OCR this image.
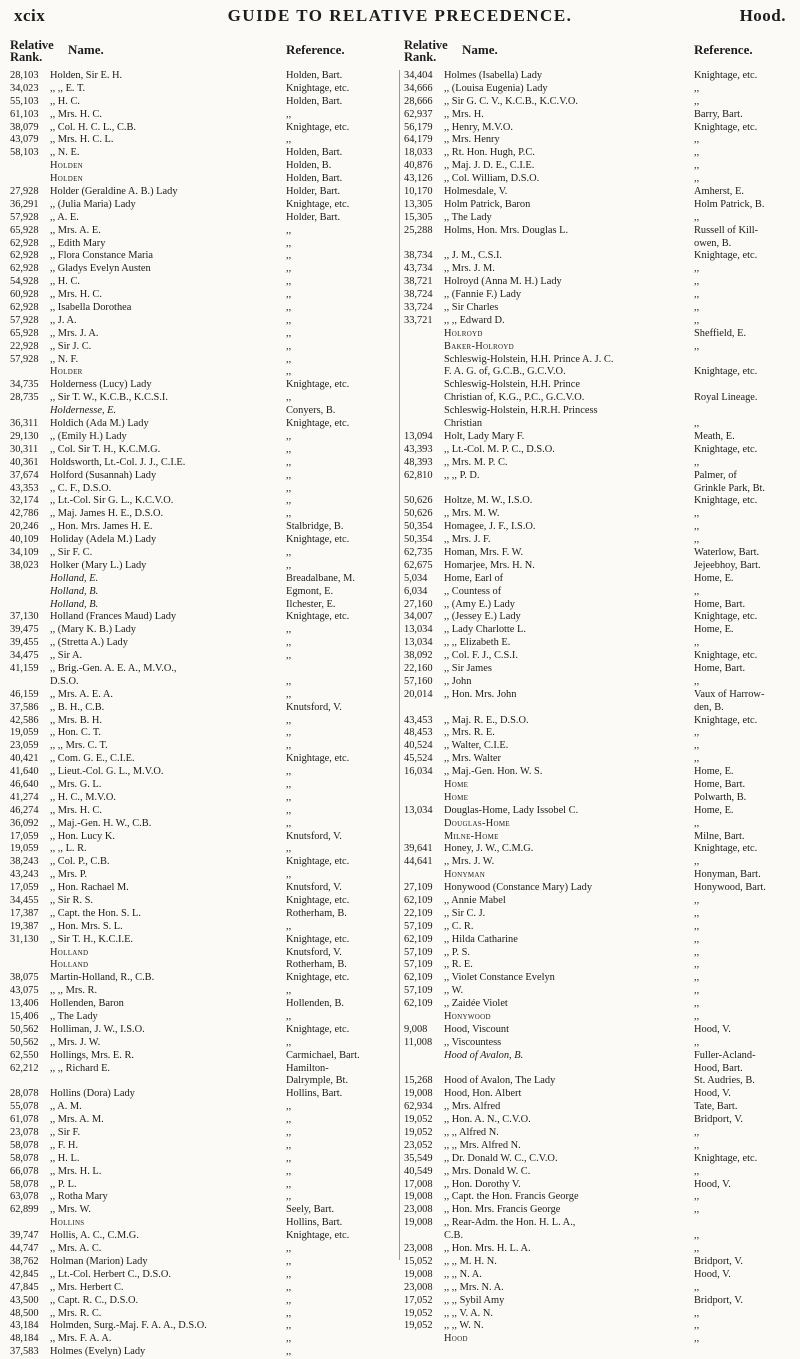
xcix	GUIDE TO RELATIVE PRECEDENCE.	Hood.
Relative Rank.	Name.	Reference.
28,103	Holden, Sir E. H.	Holden, Bart.
34,023	,, ,, E. T.	Knightage, etc.
55,103	,, H. C.	Holden, Bart.
61,103	,, Mrs. H. C.	,,
38,079	,, Col. H. C. L., C.B.	Knightage, etc.
43,079	,, Mrs. H. C. L.	,,
58,103	,, N. E.	Holden, Bart.
Holden	Holden, B.
Holden	Holden, Bart.
27,928	Holder (Geraldine A. B.) Lady	Holder, Bart.
36,291	,, (Julia Maria) Lady	Knightage, etc.
57,928	,, A. E.	Holder, Bart.
65,928	,, Mrs. A. E.	,,
62,928	,, Edith Mary	,,
62,928	,, Flora Constance Maria	,,
62,928	,, Gladys Evelyn Austen	,,
54,928	,, H. C.	,,
60,928	,, Mrs. H. C.	,,
62,928	,, Isabella Dorothea	,,
57,928	,, J. A.	,,
65,928	,, Mrs. J. A.	,,
22,928	,, Sir J. C.	,,
57,928	,, N. F.	,,
Holder	,,
34,735	Holderness (Lucy) Lady	Knightage, etc.
28,735	,, Sir T. W., K.C.B., K.C.S.I.	,,
Holdernesse, E.	Conyers, B.
36,311	Holdich (Ada M.) Lady	Knightage, etc.
29,130	,, (Emily H.) Lady	,,
30,311	,, Col. Sir T. H., K.C.M.G.	,,
40,361	Holdsworth, Lt.-Col. J. J., C.I.E.	,,
37,674	Holford (Susannah) Lady	,,
43,353	,, C. F., D.S.O.	,,
32,174	,, Lt.-Col. Sir G. L., K.C.V.O.	,,
42,786	,, Maj. James H. E., D.S.O.	,,
20,246	,, Hon. Mrs. James H. E.	Stalbridge, B.
40,109	Holiday (Adela M.) Lady	Knightage, etc.
34,109	,, Sir F. C.	,,
38,023	Holker (Mary L.) Lady	,,
Holland, E.	Breadalbane, M.
Holland, B.	Egmont, E.
Holland, B.	Ilchester, E.
37,130	Holland (Frances Maud) Lady	Knightage, etc.
39,475	,, (Mary K. B.) Lady	,,
39,455	,, (Stretta A.) Lady	,,
34,475	,, Sir A.	,,
41,159	,, Brig.-Gen. A. E. A., M.V.O.,
D.S.O.	,,
46,159	,, Mrs. A. E. A.	,,
37,586	,, B. H., C.B.	Knutsford, V.
42,586	,, Mrs. B. H.	,,
19,059	,, Hon. C. T.	,,
23,059	,, ,, Mrs. C. T.	,,
40,421	,, Com. G. E., C.I.E.	Knightage, etc.
41,640	,, Lieut.-Col. G. L., M.V.O.	,,
46,640	,, Mrs. G. L.	,,
41,274	,, H. C., M.V.O.	,,
46,274	,, Mrs. H. C.	,,
36,092	,, Maj.-Gen. H. W., C.B.	,,
17,059	,, Hon. Lucy K.	Knutsford, V.
19,059	,, ,, L. R.	,,
38,243	,, Col. P., C.B.	Knightage, etc.
43,243	,, Mrs. P.	,,
17,059	,, Hon. Rachael M.	Knutsford, V.
34,455	,, Sir R. S.	Knightage, etc.
17,387	,, Capt. the Hon. S. L.	Rotherham, B.
19,387	,, Hon. Mrs. S. L.	,,
31,130	,, Sir T. H., K.C.I.E.	Knightage, etc.
Holland	Knutsford, V.
Holland	Rotherham, B.
38,075	Martin-Holland, R., C.B.	Knightage, etc.
43,075	,, ,, Mrs. R.	,,
13,406	Hollenden, Baron	Hollenden, B.
15,406	,, The Lady	,,
50,562	Holliman, J. W., I.S.O.	Knightage, etc.
50,562	,, Mrs. J. W.	,,
62,550	Hollings, Mrs. E. R.	Carmichael, Bart.
62,212	,, ,, Richard E.	Hamilton-
Dalrymple, Bt.
28,078	Hollins (Dora) Lady	Hollins, Bart.
55,078	,, A. M.	,,
61,078	,, Mrs. A. M.	,,
23,078	,, Sir F.	,,
58,078	,, F. H.	,,
58,078	,, H. L.	,,
66,078	,, Mrs. H. L.	,,
58,078	,, P. L.	,,
63,078	,, Rotha Mary	,,
62,899	,, Mrs. W.	Seely, Bart.
Hollins	Hollins, Bart.
39,747	Hollis, A. C., C.M.G.	Knightage, etc.
44,747	,, Mrs. A. C.	,,
38,762	Holman (Marion) Lady	,,
42,845	,, Lt.-Col. Herbert C., D.S.O.	,,
47,845	,, Mrs. Herbert C.	,,
43,500	,, Capt. R. C., D.S.O.	,,
48,500	,, Mrs. R. C.	,,
43,184	Holmden, Surg.-Maj. F. A. A., D.S.O.	,,
48,184	,, Mrs. F. A. A.	,,
37,583	Holmes (Evelyn) Lady	,,
Relative Rank.	Name.	Reference.
34,404	Holmes (Isabella) Lady	Knightage, etc.
34,666	,, (Louisa Eugenia) Lady	,,
28,666	,, Sir G. C. V., K.C.B., K.C.V.O.	,,
62,937	,, Mrs. H.	Barry, Bart.
56,179	,, Henry, M.V.O.	Knightage, etc.
64,179	,, Mrs. Henry	,,
18,033	,, Rt. Hon. Hugh, P.C.	,,
40,876	,, Maj. J. D. E., C.I.E.	,,
43,126	,, Col. William, D.S.O.	,,
10,170	Holmesdale, V.	Amherst, E.
13,305	Holm Patrick, Baron	Holm Patrick, B.
15,305	,, The Lady	,,
25,288	Holms, Hon. Mrs. Douglas L.	Russell of Kill-
owen, B.
38,734	,, J. M., C.S.I.	Knightage, etc.
43,734	,, Mrs. J. M.	,,
38,721	Holroyd (Anna M. H.) Lady	,,
38,724	,, (Fannie F.) Lady	,,
33,724	,, Sir Charles	,,
33,721	,, ,, Edward D.	,,
Holroyd	Sheffield, E.
Baker-Holroyd	,,
Schleswig-Holstein, H.H. Prince A. J. C.
F. A. G. of, G.C.B., G.C.V.O.	Knightage, etc.
Schleswig-Holstein, H.H. Prince
Christian of, K.G., P.C., G.C.V.O.	Royal Lineage.
Schleswig-Holstein, H.R.H. Princess
Christian	,,
13,094	Holt, Lady Mary F.	Meath, E.
43,393	,, Lt.-Col. M. P. C., D.S.O.	Knightage, etc.
48,393	,, Mrs. M. P. C.	,,
62,810	,, ,, P. D.	Palmer, of
Grinkle Park, Bt.
50,626	Holtze, M. W., I.S.O.	Knightage, etc.
50,626	,, Mrs. M. W.	,,
50,354	Homagee, J. F., I.S.O.	,,
50,354	,, Mrs. J. F.	,,
62,735	Homan, Mrs. F. W.	Waterlow, Bart.
62,675	Homarjee, Mrs. H. N.	Jejeebhoy, Bart.
5,034	Home, Earl of	Home, E.
6,034	,, Countess of	,,
27,160	,, (Amy E.) Lady	Home, Bart.
34,007	,, (Jessey E.) Lady	Knightage, etc.
13,034	,, Lady Charlotte L.	Home, E.
13,034	,, ,, Elizabeth E.	,,
38,092	,, Col. F. J., C.S.I.	Knightage, etc.
22,160	,, Sir James	Home, Bart.
57,160	,, John	,,
20,014	,, Hon. Mrs. John	Vaux of Harrow-
den, B.
43,453	,, Maj. R. E., D.S.O.	Knightage, etc.
48,453	,, Mrs. R. E.	,,
40,524	,, Walter, C.I.E.	,,
45,524	,, Mrs. Walter	,,
16,034	,, Maj.-Gen. Hon. W. S.	Home, E.
Home	Home, Bart.
Home	Polwarth, B.
13,034	Douglas-Home, Lady Issobel C.	Home, E.
Douglas-Home	,,
Milne-Home	Milne, Bart.
39,641	Honey, J. W., C.M.G.	Knightage, etc.
44,641	,, Mrs. J. W.	,,
Honyman	Honyman, Bart.
27,109	Honywood (Constance Mary) Lady	Honywood, Bart.
62,109	,, Annie Mabel	,,
22,109	,, Sir C. J.	,,
57,109	,, C. R.	,,
62,109	,, Hilda Catharine	,,
57,109	,, P. S.	,,
57,109	,, R. E.	,,
62,109	,, Violet Constance Evelyn	,,
57,109	,, W.	,,
62,109	,, Zaidée Violet	,,
Honywood	,,
9,008	Hood, Viscount	Hood, V.
11,008	,, Viscountess	,,
Hood of Avalon, B.	Fuller-Acland-
Hood, Bart.
15,268	Hood of Avalon, The Lady	St. Audries, B.
19,008	Hood, Hon. Albert	Hood, V.
62,934	,, Mrs. Alfred	Tate, Bart.
19,052	,, Hon. A. N., C.V.O.	Bridport, V.
19,052	,, ,, Alfred N.	,,
23,052	,, ,, Mrs. Alfred N.	,,
35,549	,, Dr. Donald W. C., C.V.O.	Knightage, etc.
40,549	,, Mrs. Donald W. C.	,,
17,008	,, Hon. Dorothy V.	Hood, V.
19,008	,, Capt. the Hon. Francis George	,,
23,008	,, Hon. Mrs. Francis George	,,
19,008	,, Rear-Adm. the Hon. H. L. A.,
C.B.	,,
23,008	,, Hon. Mrs. H. L. A.	,,
15,052	,, ,, M. H. N.	Bridport, V.
19,008	,, ,, N. A.	Hood, V.
23,008	,, ,, Mrs. N. A.	,,
17,052	,, ,, Sybil Amy	Bridport, V.
19,052	,, ,, V. A. N.	,,
19,052	,, ,, W. N.	,,
Hood	,,
